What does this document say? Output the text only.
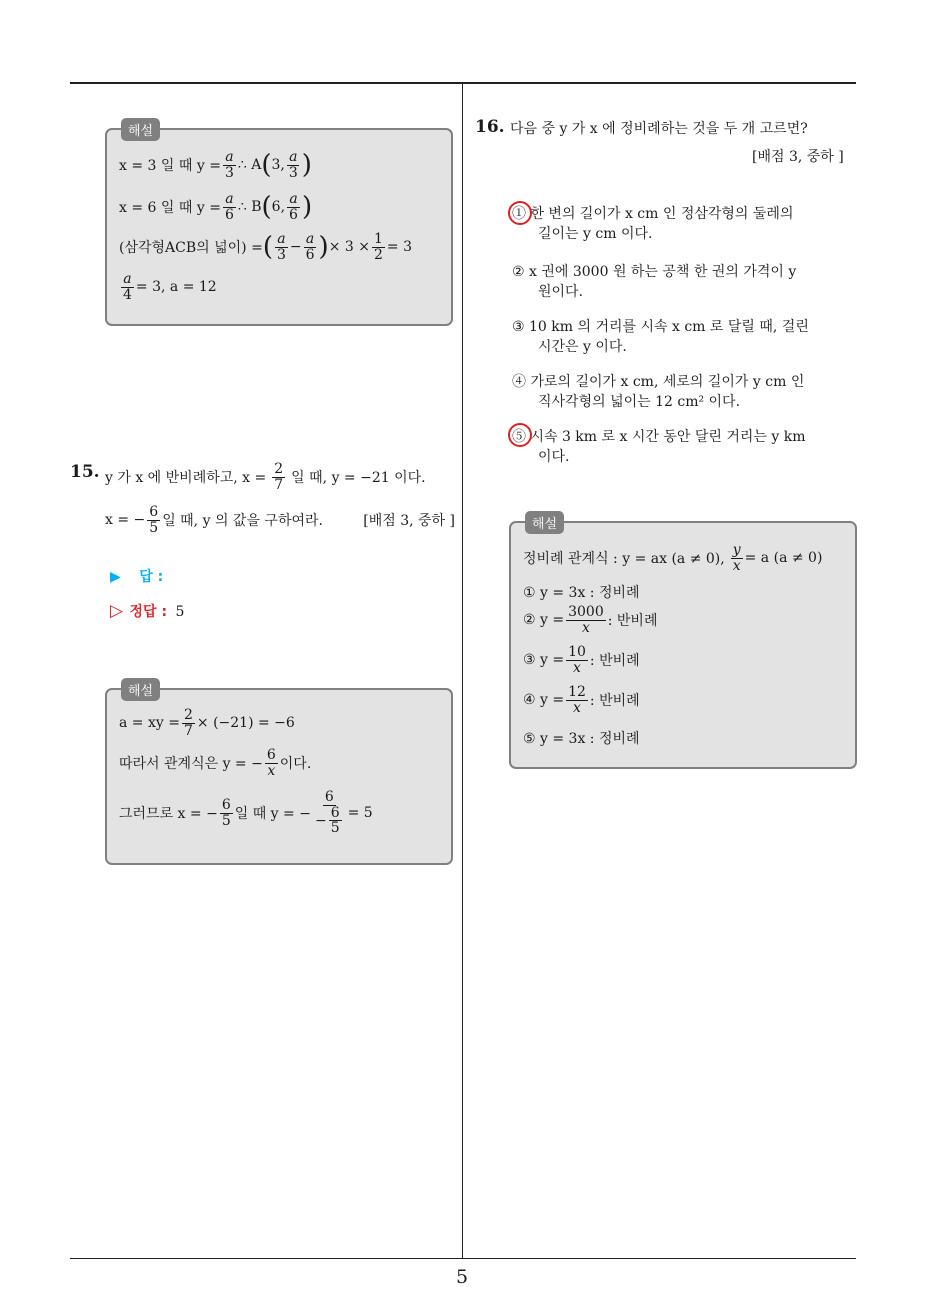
5
해설
x = 3 일 때 $y = \frac{a}{3}$ ∴ A ( 3, $\frac{a}{3}$ )
x = 6 일 때 $y = \frac{a}{6}$ ∴ B ( 6, $\frac{a}{6}$ )
(삼각형ACB의 넓이) = ( $\frac{a}{3} - \frac{a}{6}$ ) × $3 \times \frac{1}{2} = 3$
$\frac{a}{4} = 3$, a = 12
15. y 가 x 에 반비례하고, $x = \frac{2}{7}$ 일 때, y = −21 이다.
x = − $\frac{6}{5}$ 일 때, y 의 값을 구하여라.	[배점 3, 중하 ]
▶ 답 :
▷ 정답 : 5
해설
a = xy = $\frac{2}{7} \times (-21) = -6$
따라서 관계식은 y = − $\frac{6}{x}$ 이다.
그러므로 x = − $\frac{6}{5}$ 일 때 y = − $\frac{6}{- \frac{6}{5}} = 5$
16. 다음 중 y 가 x 에 정비례하는 것을 두 개 고르면?
[배점 3, 중하 ]
① 한 변의 길이가 x cm 인 정삼각형의 둘레의
길이는 y cm 이다.
② x 권에 3000 원 하는 공책 한 권의 가격이 y
원이다.
③ 10 km 의 거리를 시속 x cm 로 달릴 때, 걸린
시간은 y 이다.
④ 가로의 길이가 x cm, 세로의 길이가 y cm 인
직사각형의 넓이는 12 cm² 이다.
⑤ 시속 3 km 로 x 시간 동안 달린 거리는 y km
이다.
해설
정비례 관계식 : y = ax (a ≠ 0), $\frac{y}{x} = a$ (a ≠ 0)
① y = 3x : 정비례
② $y = \frac{3000}{x}$ : 반비례
③ $y = \frac{10}{x}$ : 반비례
④ $y = \frac{12}{x}$ : 반비례
⑤ y = 3x : 정비례
